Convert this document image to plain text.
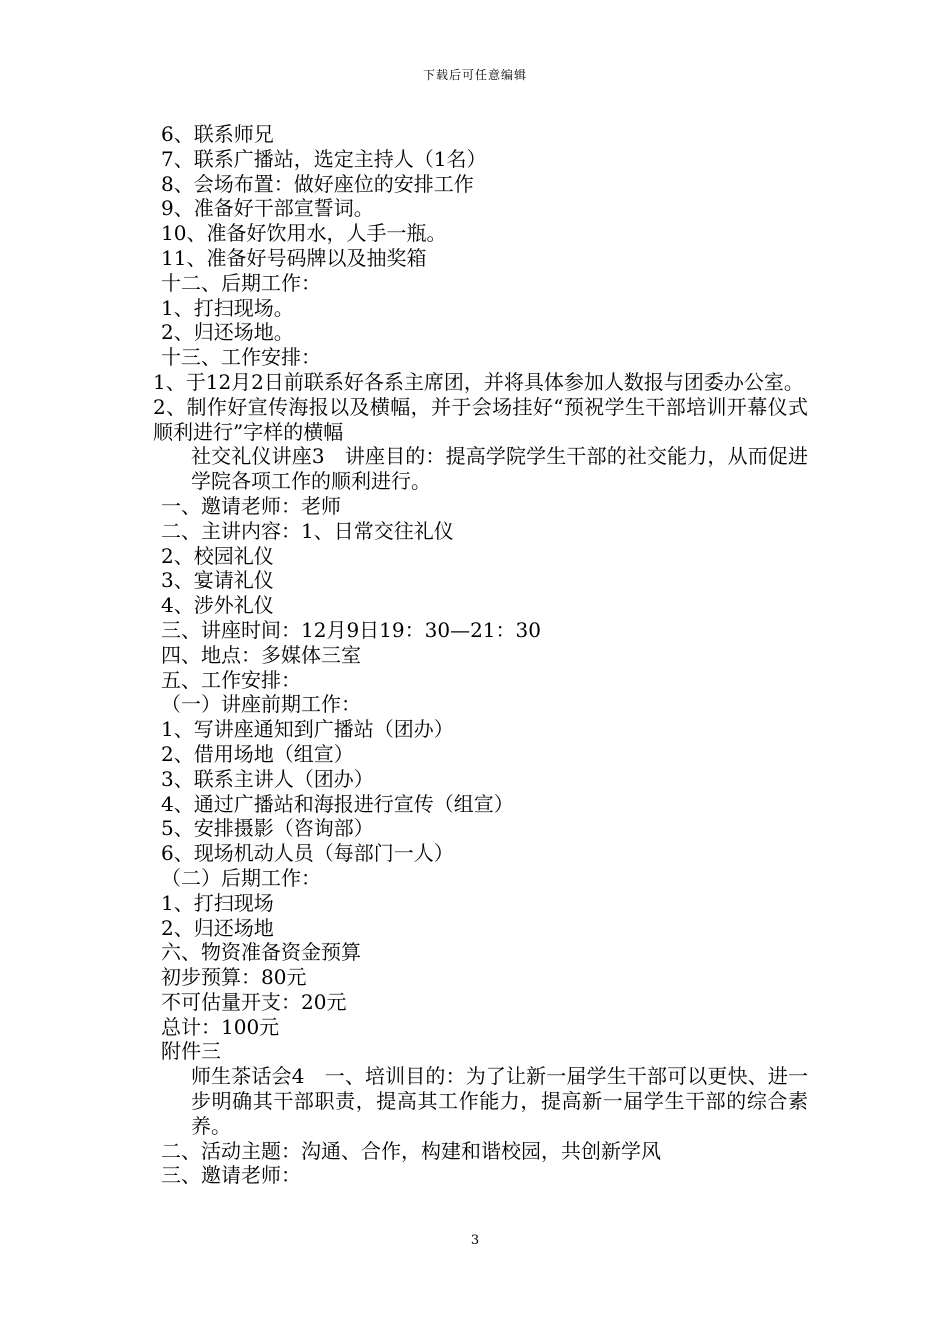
下载后可任意编辑
6、联系师兄
7、联系广播站，选定主持人（1名）
8、会场布置：做好座位的安排工作
9、准备好干部宣誓词。
10、准备好饮用水，人手一瓶。
11、准备好号码牌以及抽奖箱
十二、后期工作：
1、打扫现场。
2、归还场地。
十三、工作安排：
1、于12月2日前联系好各系主席团，并将具体参加人数报与团委办公室。
2、制作好宣传海报以及横幅，并于会场挂好“预祝学生干部培训开幕仪式顺利进行”字样的横幅
社交礼仪讲座3　讲座目的：提高学院学生干部的社交能力，从而促进学院各项工作的顺利进行。
一、邀请老师：老师
二、主讲内容：1、日常交往礼仪
2、校园礼仪
3、宴请礼仪
4、涉外礼仪
三、讲座时间：12月9日19：30—21：30
四、地点：多媒体三室
五、工作安排：
（一）讲座前期工作：
1、写讲座通知到广播站（团办）
2、借用场地（组宣）
3、联系主讲人（团办）
4、通过广播站和海报进行宣传（组宣）
5、安排摄影（咨询部）
6、现场机动人员（每部门一人）
（二）后期工作：
1、打扫现场
2、归还场地
六、物资准备资金预算
初步预算：80元
不可估量开支：20元
总计：100元
附件三
师生茶话会4　一、培训目的：为了让新一届学生干部可以更快、进一步明确其干部职责，提高其工作能力，提高新一届学生干部的综合素养。
二、活动主题：沟通、合作，构建和谐校园，共创新学风
三、邀请老师：
3
